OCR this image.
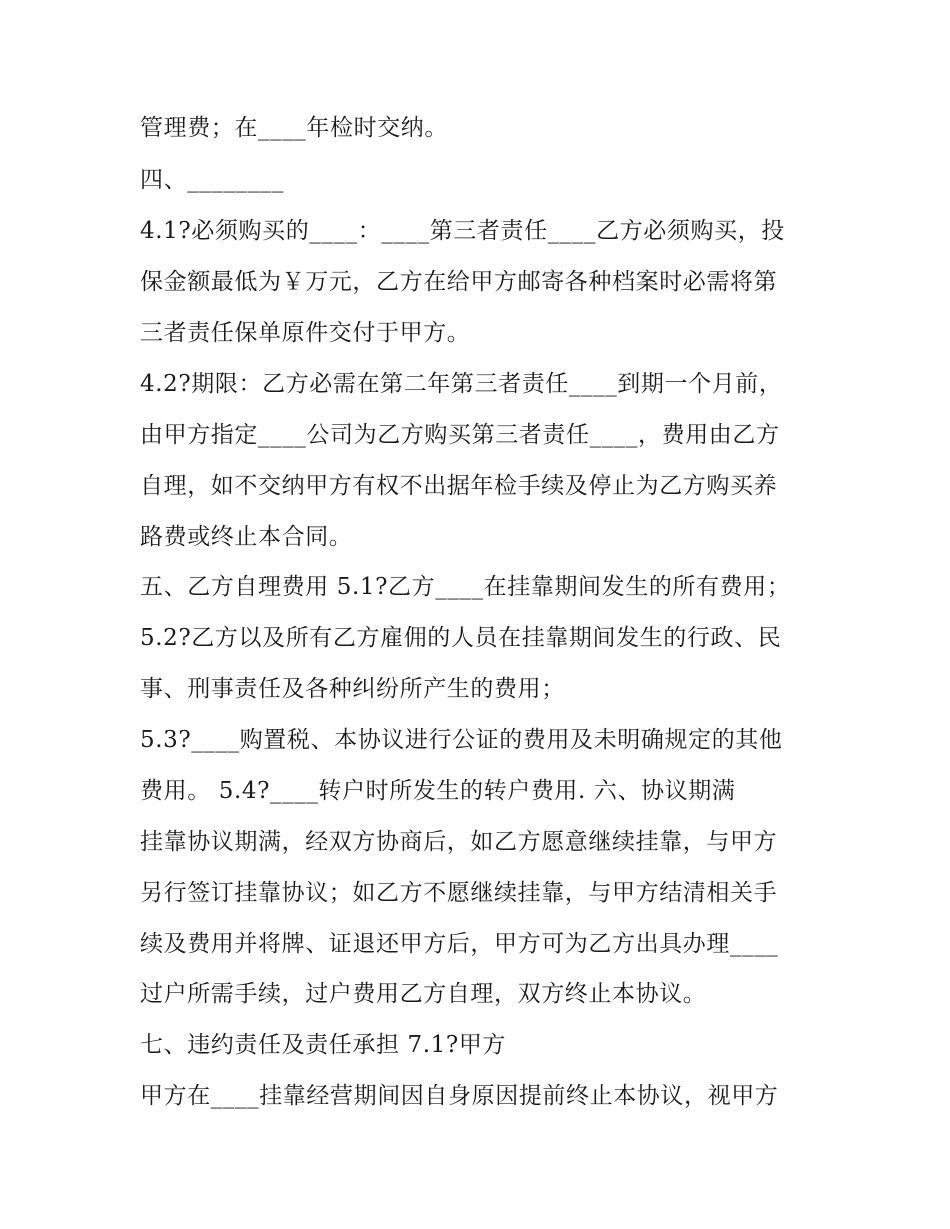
管理费；在____年检时交纳。
四、________
4.1?必须购买的____：____第三者责任____乙方必须购买，投
保金额最低为￥万元，乙方在给甲方邮寄各种档案时必需将第
三者责任保单原件交付于甲方。
4.2?期限：乙方必需在第二年第三者责任____到期一个月前，
由甲方指定____公司为乙方购买第三者责任____，费用由乙方
自理，如不交纳甲方有权不出据年检手续及停止为乙方购买养
路费或终止本合同。
五、乙方自理费用 5.1?乙方____在挂靠期间发生的所有费用；
5.2?乙方以及所有乙方雇佣的人员在挂靠期间发生的行政、民
事、刑事责任及各种纠纷所产生的费用；
5.3?____购置税、本协议进行公证的费用及未明确规定的其他
费用。 5.4?____转户时所发生的转户费用. 六、协议期满
挂靠协议期满，经双方协商后，如乙方愿意继续挂靠，与甲方
另行签订挂靠协议；如乙方不愿继续挂靠，与甲方结清相关手
续及费用并将牌、证退还甲方后，甲方可为乙方出具办理____
过户所需手续，过户费用乙方自理，双方终止本协议。
七、违约责任及责任承担 7.1?甲方
甲方在____挂靠经营期间因自身原因提前终止本协议，视甲方
